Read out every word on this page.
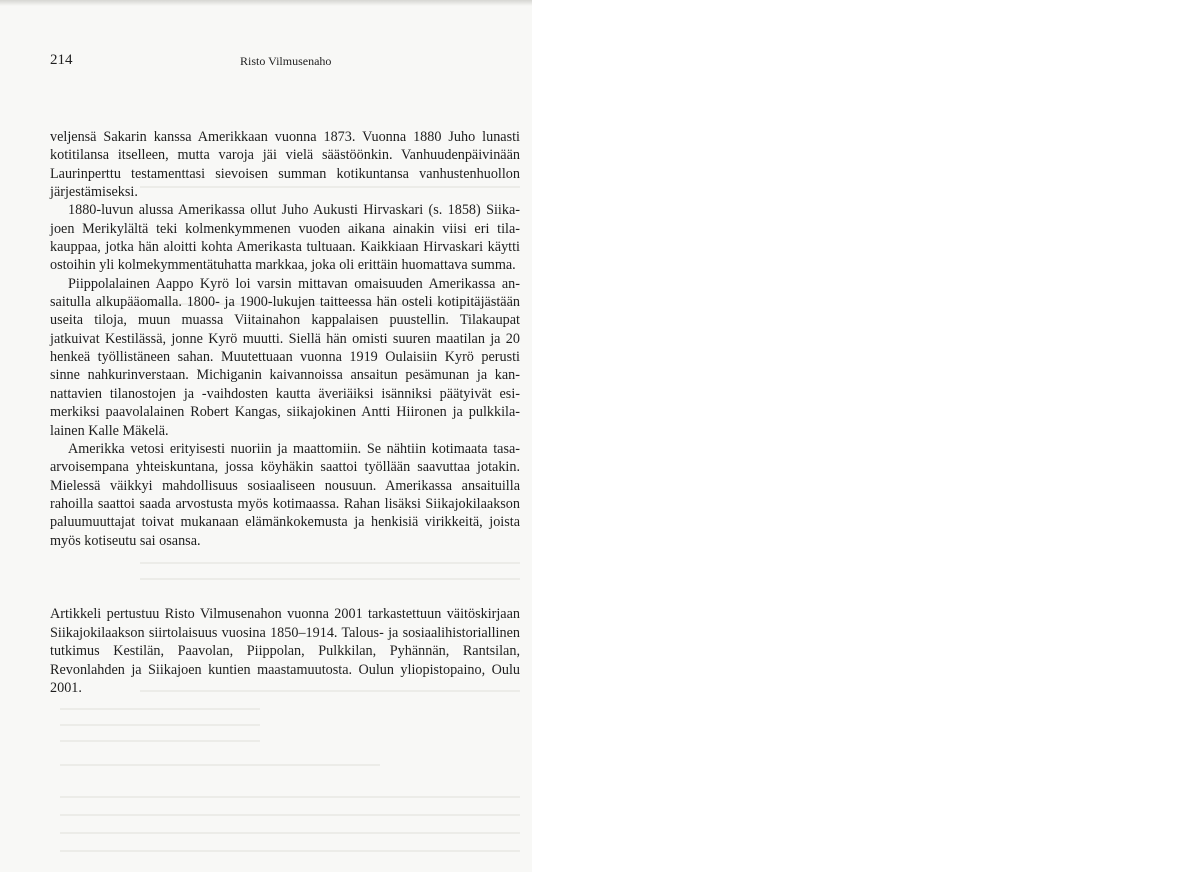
214	Risto Vilmusenaho

veljensä Sakarin kanssa Amerikkaan vuonna 1873. Vuonna 1880 Juho lunasti kotitilansa itselleen, mutta varoja jäi vielä säästöönkin. Vanhuudenpäivinään Laurinperttu testamenttasi sievoisen summan kotikuntansa vanhustenhuollon järjestämiseksi.

1880-luvun alussa Amerikassa ollut Juho Aukusti Hirvaskari (s. 1858) Siikajoen Merikylältä teki kolmenkymmenen vuoden aikana ainakin viisi eri tilakauppaa, jotka hän aloitti kohta Amerikasta tultuaan. Kaikkiaan Hirvaskari käytti ostoihin yli kolmekymmentätuhatta markkaa, joka oli erittäin huomattava summa.

Piippolalainen Aappo Kyrö loi varsin mittavan omaisuuden Amerikassa ansaitulla alkupääomalla. 1800- ja 1900-lukujen taitteessa hän osteli kotipitäjästään useita tiloja, muun muassa Viitainahon kappalaisen puustellin. Tilakaupat jatkuivat Kestilässä, jonne Kyrö muutti. Siellä hän omisti suuren maatilan ja 20 henkeä työllistäneen sahan. Muutettuaan vuonna 1919 Oulaisiin Kyrö perusti sinne nahkurinverstaan. Michiganin kaivannoissa ansaitun pesämunan ja kannattavien tilanostojen ja -vaihdosten kautta äveriäiksi isänniksi päätyivät esimerkiksi paavolalainen Robert Kangas, siikajokinen Antti Hiironen ja pulkkilalainen Kalle Mäkelä.

Amerikka vetosi erityisesti nuoriin ja maattomiin. Se nähtiin kotimaata tasaarvoisempana yhteiskuntana, jossa köyhäkin saattoi työllään saavuttaa jotakin. Mielessä väikkyi mahdollisuus sosiaaliseen nousuun. Amerikassa ansaituilla rahoilla saattoi saada arvostusta myös kotimaassa. Rahan lisäksi Siikajokilaakson paluumuuttajat toivat mukanaan elämänkokemusta ja henkisiä virikkeitä, joista myös kotiseutu sai osansa.

Artikkeli pertustuu Risto Vilmusenahon vuonna 2001 tarkastettuun väitöskirjaan Siikajokilaakson siirtolaisuus vuosina 1850–1914. Talous- ja sosiaalihistoriallinen tutkimus Kestilän, Paavolan, Piippolan, Pulkkilan, Pyhännän, Rantsilan, Revonlahden ja Siikajoen kuntien maastamuutosta. Oulun yliopistopaino, Oulu 2001.
